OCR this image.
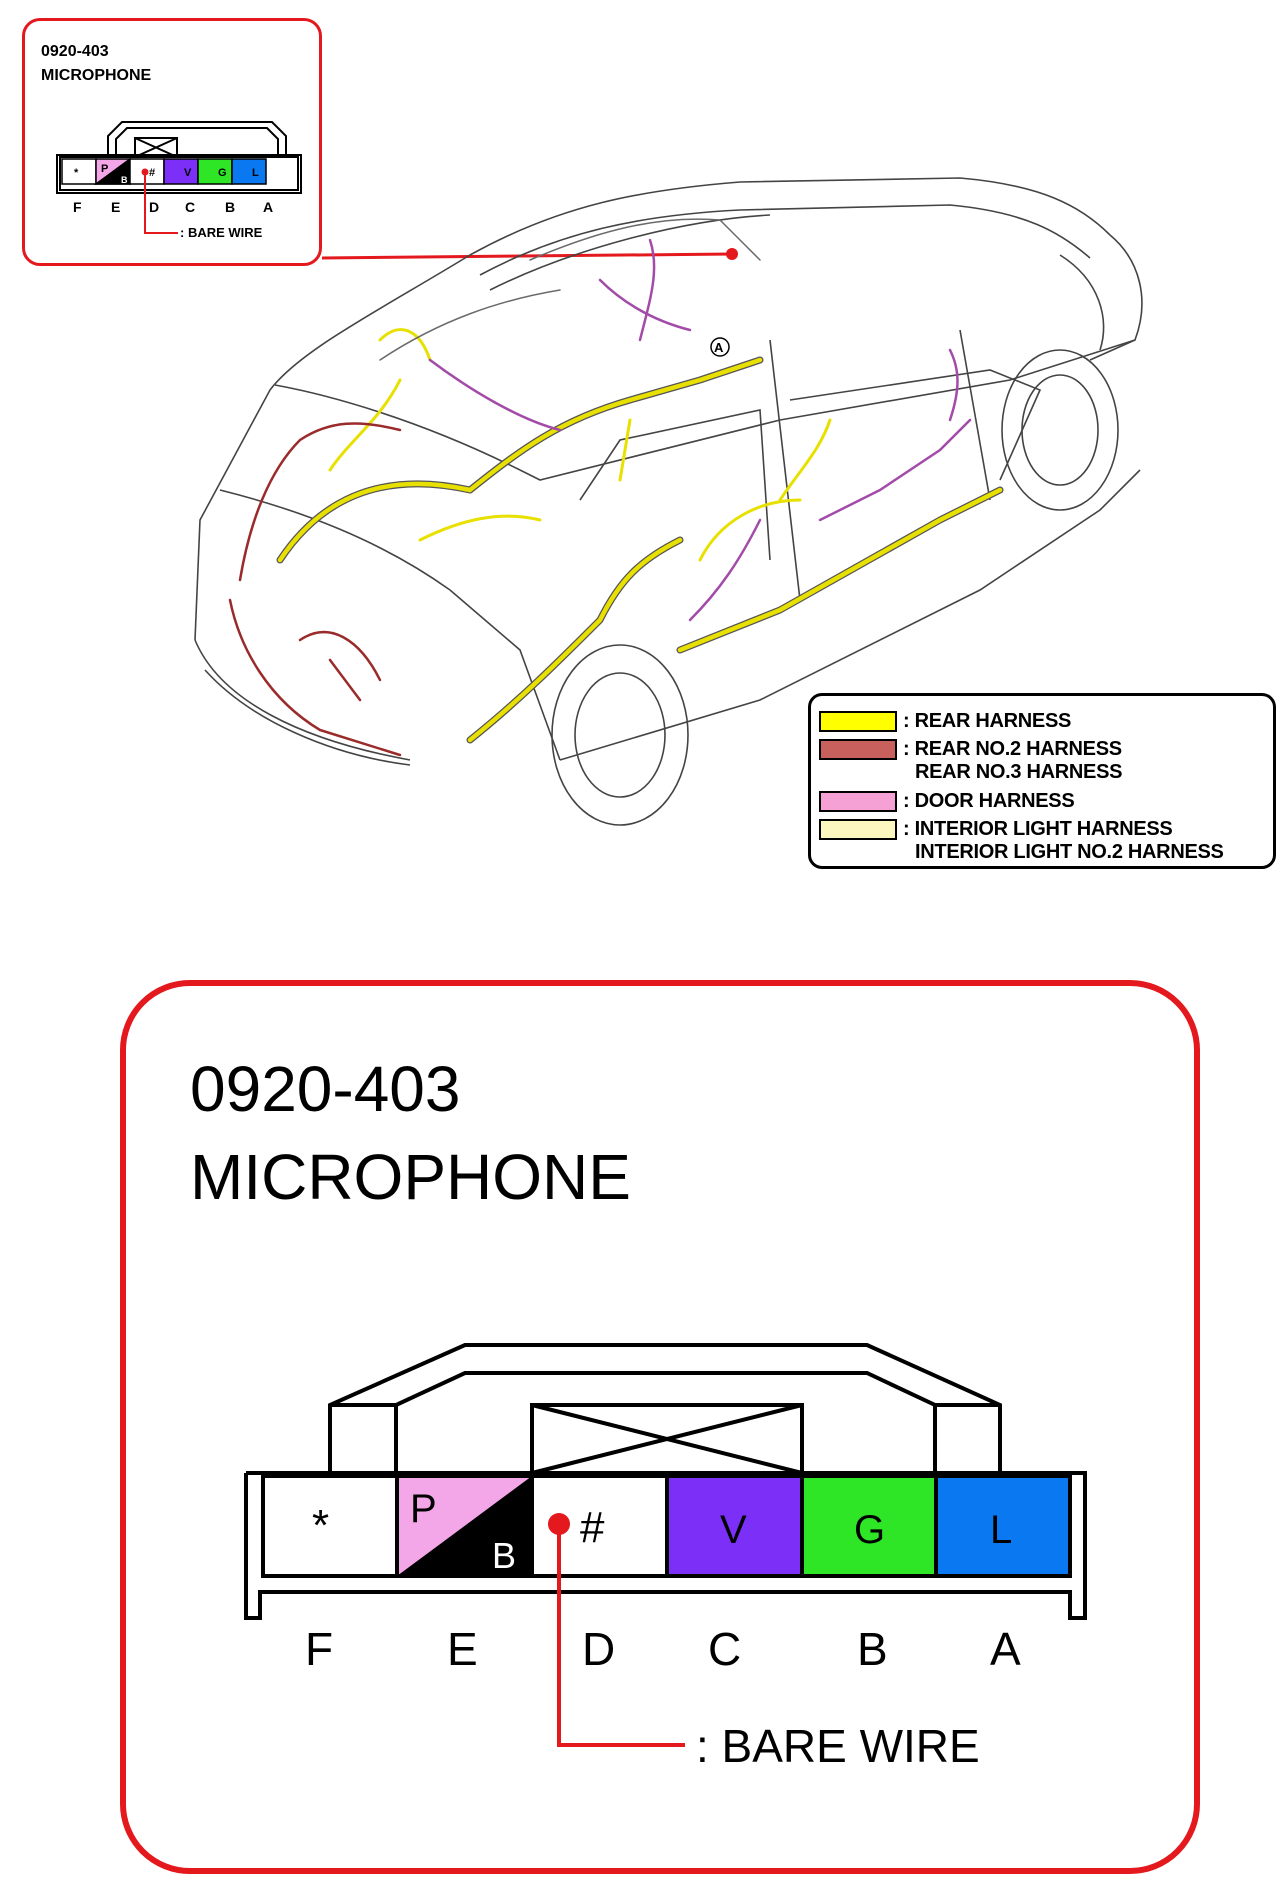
0920-403
MICROPHONE
* P
B
#	V G L
: BARE WIRE
F E D C B A
A
: REAR HARNESS
: REAR NO.2 HARNESS
REAR NO.3 HARNESS
: DOOR HARNESS
: INTERIOR LIGHT HARNESS
INTERIOR LIGHT NO.2 HARNESS
0920-403
MICROPHONE
* P
B
#	V	G	L
F E D C	B A
: BARE WIRE
